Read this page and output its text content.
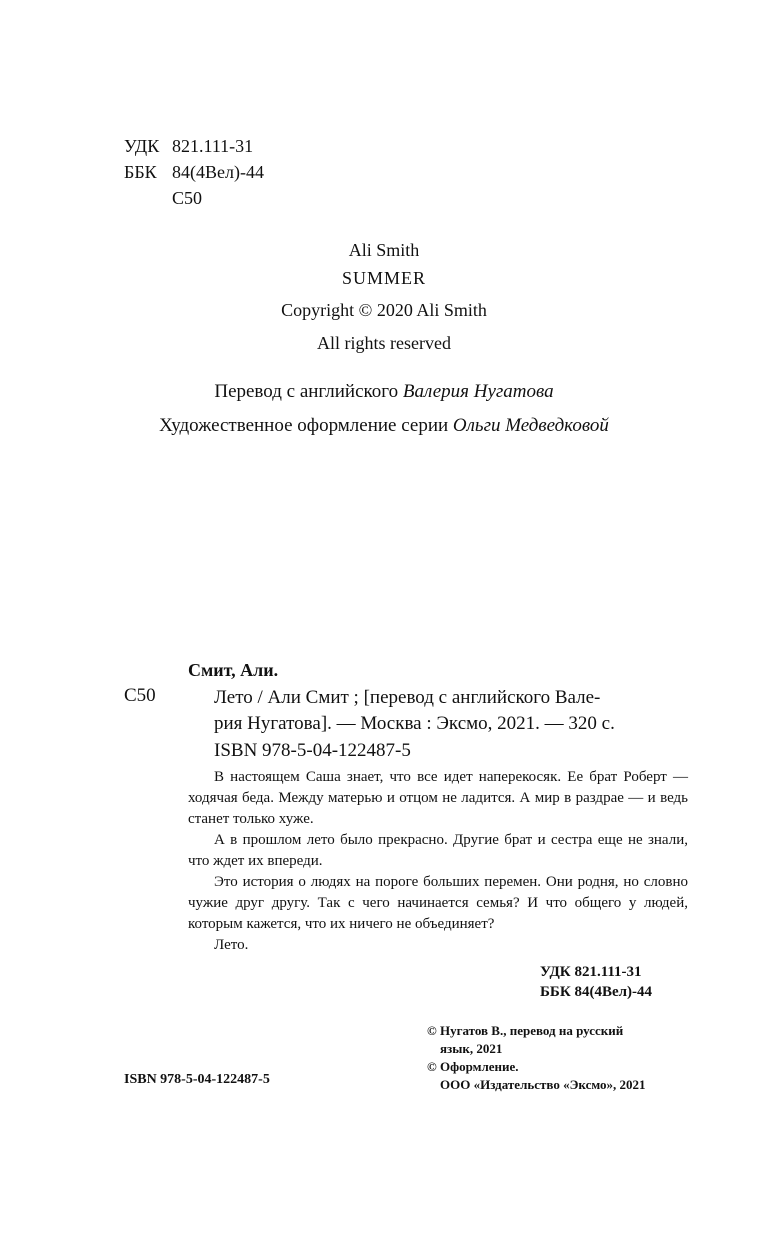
УДК 821.111-31
ББК 84(4Вел)-44
С50
Ali Smith
SUMMER
Copyright © 2020 Ali Smith
All rights reserved
Перевод с английского Валерия Нугатова
Художественное оформление серии Ольги Медведковой
Смит, Али.
С50	Лето / Али Смит ; [перевод с английского Вале-
рия Нугатова]. — Москва : Эксмо, 2021. — 320 с.
ISBN 978-5-04-122487-5

В настоящем Саша знает, что все идет наперекосяк. Ее брат Роберт — ходячая беда. Между матерью и отцом не ладится. А мир в раздрае — и ведь станет только хуже.

А в прошлом лето было прекрасно. Другие брат и сестра еще не знали, что ждет их впереди.

Это история о людях на пороге больших перемен. Они родня, но словно чужие друг другу. Так с чего начинается семья? И что общего у людей, которым кажется, что их ничего не объединяет?

Лето.

УДК 821.111-31
ББК 84(4Вел)-44
© Нугатов В., перевод на русский
язык, 2021
© Оформление.
ООО «Издательство «Эксмо», 2021
ISBN 978-5-04-122487-5
